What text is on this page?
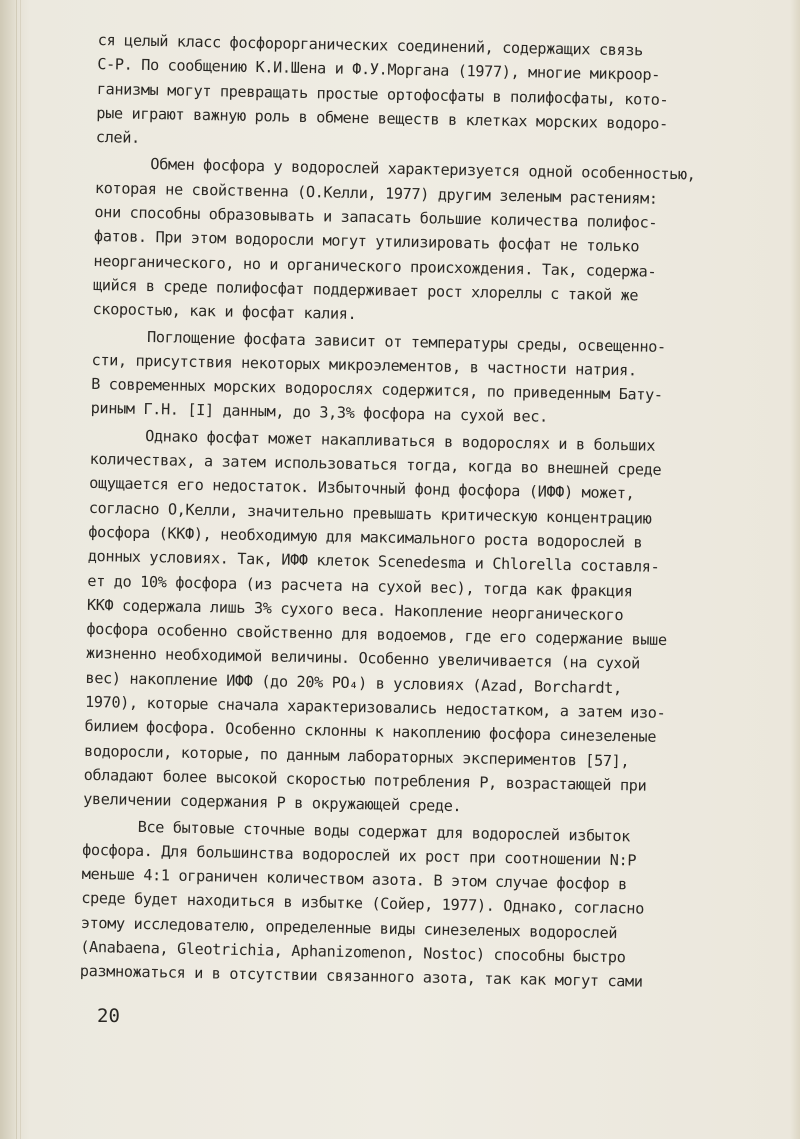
ся целый класс фосфорорганических соединений, содержащих связь
С-Р. По сообщению К.И.Шена и Ф.У.Моргана (1977), многие микроор-
ганизмы могут превращать простые ортофосфаты в полифосфаты, кото-
рые играют важную роль в обмене веществ в клетках морских водоро-
слей.
Обмен фосфора у водорослей характеризуется одной особенностью,
которая не свойственна (О.Келли, 1977) другим зеленым растениям:
они способны образовывать и запасать большие количества полифос-
фатов. При этом водоросли могут утилизировать фосфат не только
неорганического, но и органического происхождения. Так, содержа-
щийся в среде полифосфат поддерживает рост хлореллы с такой же
скоростью, как и фосфат калия.
Поглощение фосфата зависит от температуры среды, освещенно-
сти, присутствия некоторых микроэлементов, в частности натрия.
В современных морских водорослях содержится, по приведенным Бату-
риным Г.Н. [I] данным, до 3,3% фосфора на сухой вес.
Однако фосфат может накапливаться в водорослях и в больших
количествах, а затем использоваться тогда, когда во внешней среде
ощущается его недостаток. Избыточный фонд фосфора (ИФФ) может,
согласно О,Келли, значительно превышать критическую концентрацию
фосфора (ККФ), необходимую для максимального роста водорослей в
донных условиях. Так, ИФФ клеток Scenedesma и Chlorella составля-
ет до 10% фосфора (из расчета на сухой вес), тогда как фракция
ККФ содержала лишь 3% сухого веса. Накопление неорганического
фосфора особенно свойственно для водоемов, где его содержание выше
жизненно необходимой величины. Особенно увеличивается (на сухой
вес) накопление ИФФ (до 20% PO₄) в условиях (Azad, Borchardt,
1970), которые сначала характеризовались недостатком, а затем изо-
билием фосфора. Особенно склонны к накоплению фосфора синезеленые
водоросли, которые, по данным лабораторных экспериментов [57],
обладают более высокой скоростью потребления Р, возрастающей при
увеличении содержания Р в окружающей среде.
Все бытовые сточные воды содержат для водорослей избыток
фосфора. Для большинства водорослей их рост при соотношении N:P
меньше 4:1 ограничен количеством азота. В этом случае фосфор в
среде будет находиться в избытке (Сойер, 1977). Однако, согласно
этому исследователю, определенные виды синезеленых водорослей
(Anabaena, Gleotrichia, Aphanizomenon, Nostoc) способны быстро
размножаться и в отсутствии связанного азота, так как могут сами
20
